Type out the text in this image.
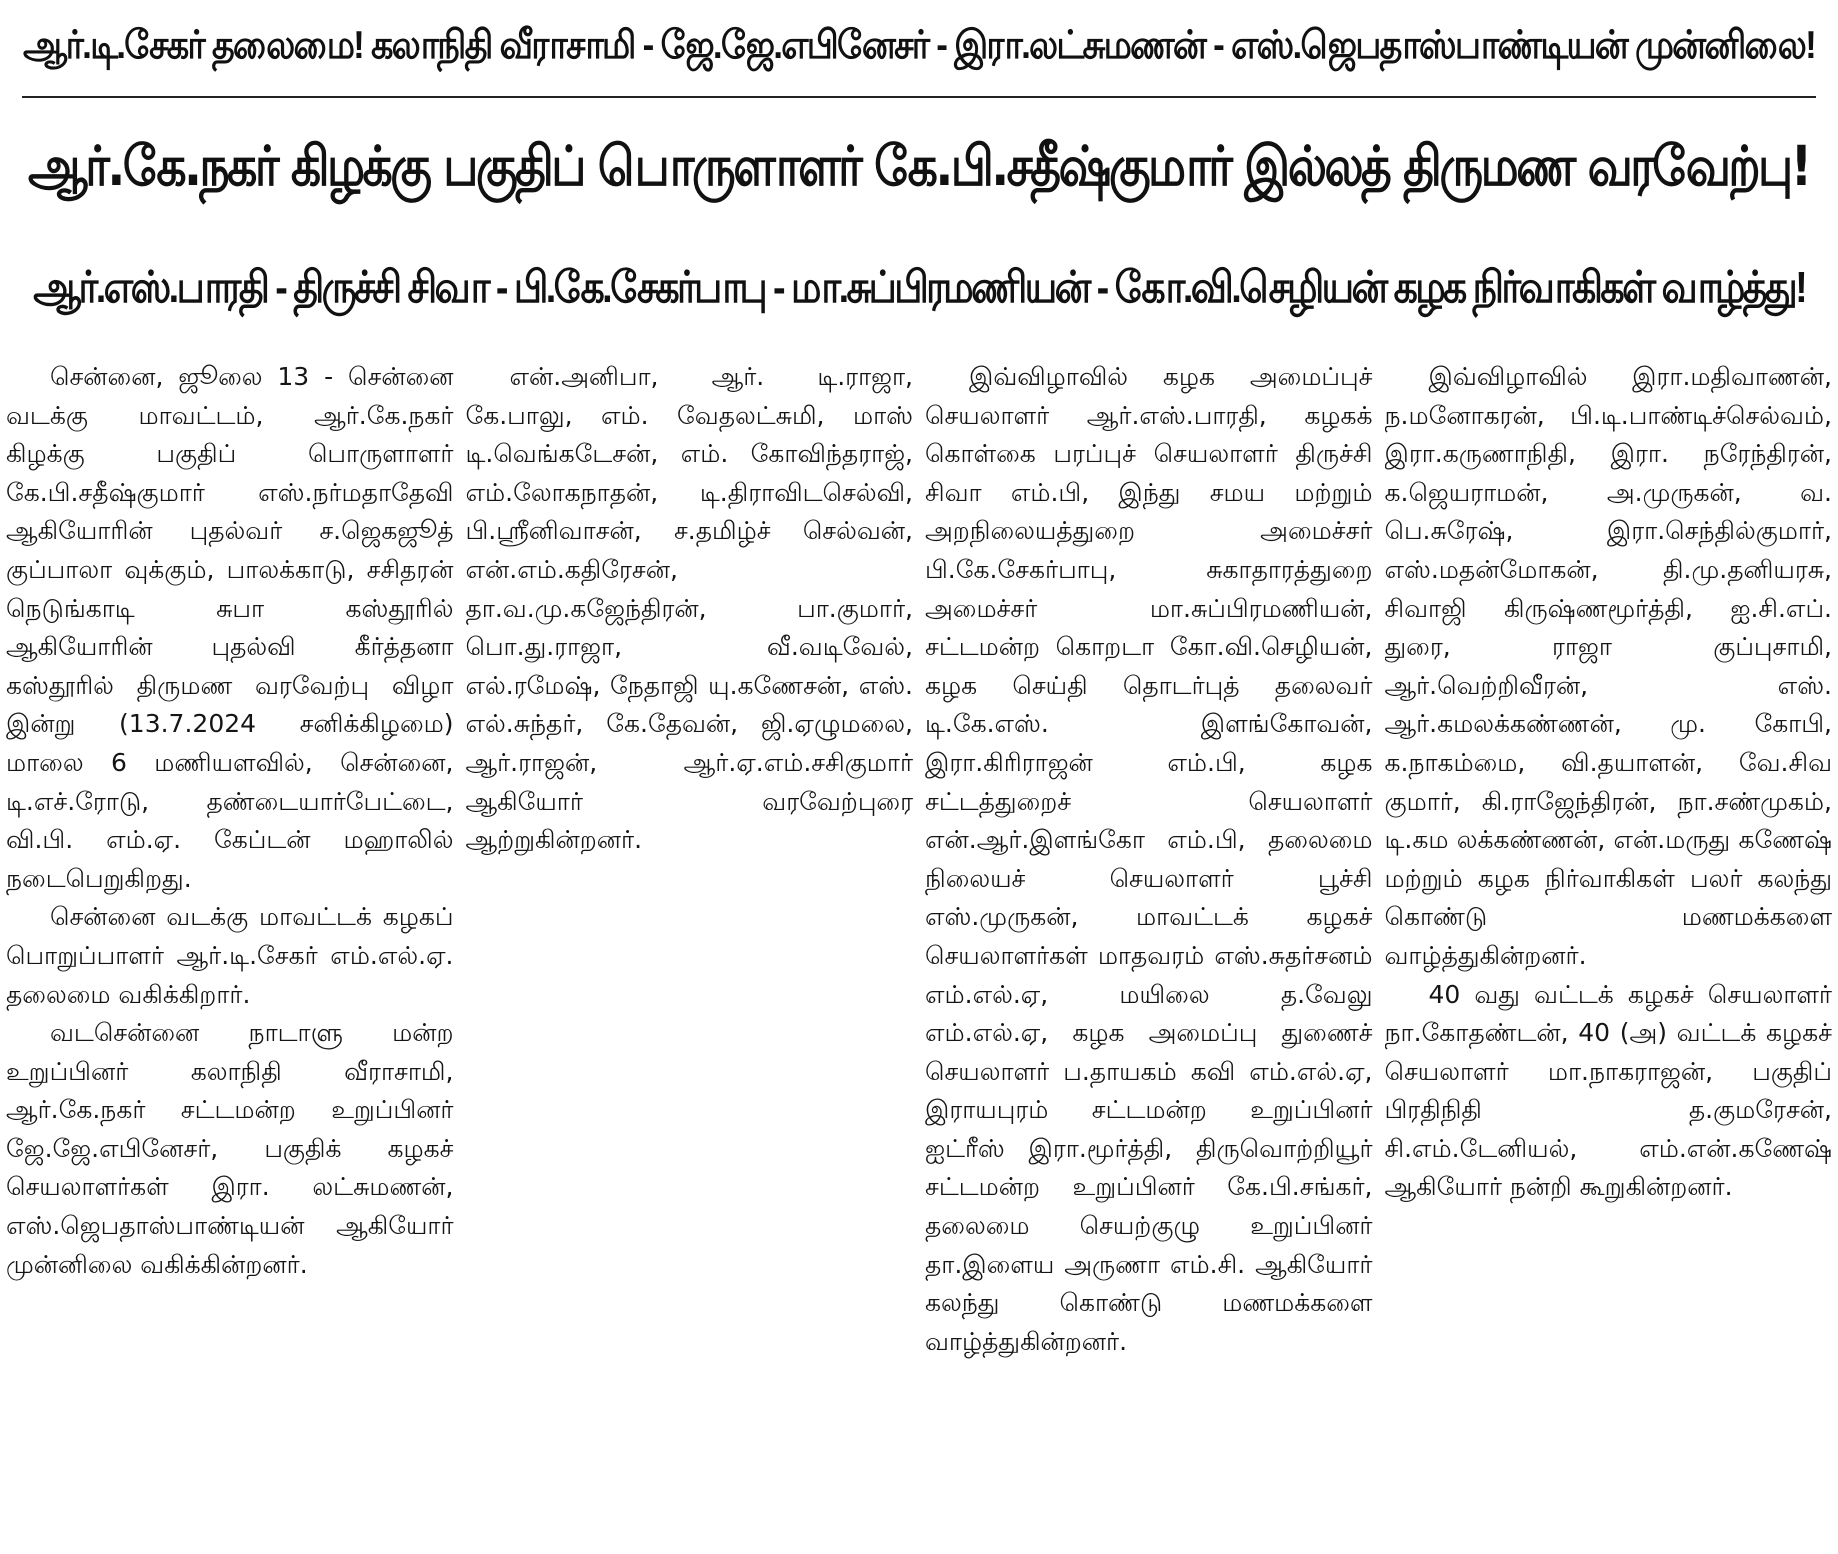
ஆர்.டி.சேகர் தலைமை! கலாநிதி வீராசாமி - ஜே.ஜே.எபினேசர் - இரா.லட்சுமணன் - எஸ்.ஜெபதாஸ்பாண்டியன் முன்னிலை!
ஆர்.கே.நகர் கிழக்கு பகுதிப் பொருளாளர் கே.பி.சதீஷ்குமார் இல்லத் திருமண வரவேற்பு!
ஆர்.எஸ்.பாரதி - திருச்சி சிவா - பி.கே.சேகர்பாபு - மா.சுப்பிரமணியன் - கோ.வி.செழியன் கழக நிர்வாகிகள் வாழ்த்து!

சென்னை, ஜூலை 13 - சென்னை வடக்கு மாவட்டம், ஆர்.கே.நகர் கிழக்கு பகுதிப் பொருளாளர் கே.பி.சதீஷ்குமார் எஸ்.நர்மதாதேவி ஆகியோரின் புதல்வர் ச.ஜெகஜூத் குப்பாலா வுக்கும், பாலக்காடு, சசிதரன் நெடுங்காடி சுபா கஸ்தூரில் ஆகியோரின் புதல்வி கீர்த்தனா கஸ்தூரில் திருமண வரவேற்பு விழா இன்று (13.7.2024 சனிக்கிழமை) மாலை 6 மணியளவில், சென்னை, டி.எச்.ரோடு, தண்டையார்பேட்டை, வி.பி. எம்.ஏ. கேப்டன் மஹாலில் நடைபெறுகிறது.

சென்னை வடக்கு மாவட்டக் கழகப் பொறுப்பாளர் ஆர்.டி.சேகர் எம்.எல்.ஏ. தலைமை வகிக்கிறார்.

வடசென்னை நாடாளு மன்ற உறுப்பினர் கலாநிதி வீராசாமி, ஆர்.கே.நகர் சட்டமன்ற உறுப்பினர் ஜே.ஜே.எபினேசர், பகுதிக் கழகச் செயலாளர்கள் இரா. லட்சுமணன், எஸ்.ஜெபதாஸ்பாண்டியன் ஆகியோர் முன்னிலை வகிக்கின்றனர்.

என்.அனிபா, ஆர். டி.ராஜா, கே.பாலு, எம். வேதலட்சுமி, மாஸ் டி.வெங்கடேசன், எம். கோவிந்தராஜ், எம்.லோகநாதன், டி.திராவிடசெல்வி, பி.ஸ்ரீனிவாசன், ச.தமிழ்ச் செல்வன், என்.எம்.கதிரேசன், தா.வ.மு.கஜேந்திரன், பா.குமார், பொ.து.ராஜா, வீ.வடிவேல், எல்.ரமேஷ், நேதாஜி யு.கணேசன், எஸ். எல்.சுந்தர், கே.தேவன், ஜி.ஏழுமலை, ஆர்.ராஜன், ஆர்.ஏ.எம்.சசிகுமார் ஆகியோர் வரவேற்புரை ஆற்றுகின்றனர்.

இவ்விழாவில் கழக அமைப்புச் செயலாளர் ஆர்.எஸ்.பாரதி, கழகக் கொள்கை பரப்புச் செயலாளர் திருச்சி சிவா எம்.பி, இந்து சமய மற்றும் அறநிலையத்துறை அமைச்சர் பி.கே.சேகர்பாபு, சுகாதாரத்துறை அமைச்சர் மா.சுப்பிரமணியன், சட்டமன்ற கொறடா கோ.வி.செழியன், கழக செய்தி தொடர்புத் தலைவர் டி.கே.எஸ். இளங்கோவன், இரா.கிரிராஜன் எம்.பி, கழக சட்டத்துறைச் செயலாளர் என்.ஆர்.இளங்கோ எம்.பி, தலைமை நிலையச் செயலாளர் பூச்சி எஸ்.முருகன், மாவட்டக் கழகச் செயலாளர்கள் மாதவரம் எஸ்.சுதர்சனம் எம்.எல்.ஏ, மயிலை த.வேலு எம்.எல்.ஏ, கழக அமைப்பு துணைச் செயலாளர் ப.தாயகம் கவி எம்.எல்.ஏ, இராயபுரம் சட்டமன்ற உறுப்பினர் ஐட்ரீஸ் இரா.மூர்த்தி, திருவொற்றியூர் சட்டமன்ற உறுப்பினர் கே.பி.சங்கர், தலைமை செயற்குழு உறுப்பினர் தா.இளைய அருணா எம்.சி. ஆகியோர் கலந்து கொண்டு மணமக்களை வாழ்த்துகின்றனர்.

இவ்விழாவில் இரா.மதிவாணன், ந.மனோகரன், பி.டி.பாண்டிச்செல்வம், இரா.கருணாநிதி, இரா. நரேந்திரன், க.ஜெயராமன், அ.முருகன், வ. பெ.சுரேஷ், இரா.செந்தில்குமார், எஸ்.மதன்மோகன், தி.மு.தனியரசு, சிவாஜி கிருஷ்ணமூர்த்தி, ஐ.சி.எப். துரை, ராஜா குப்புசாமி, ஆர்.வெற்றிவீரன், எஸ். ஆர்.கமலக்கண்ணன், மு. கோபி, க.நாகம்மை, வி.தயாளன், வே.சிவ குமார், கி.ராஜேந்திரன், நா.சண்முகம், டி.கம லக்கண்ணன், என்.மருது கணேஷ் மற்றும் கழக நிர்வாகிகள் பலர் கலந்து கொண்டு மணமக்களை வாழ்த்துகின்றனர்.

40 வது வட்டக் கழகச் செயலாளர் நா.கோதண்டன், 40 (அ) வட்டக் கழகச் செயலாளர் மா.நாகராஜன், பகுதிப் பிரதிநிதி த.குமரேசன், சி.எம்.டேனியல், எம்.என்.கணேஷ் ஆகியோர் நன்றி கூறுகின்றனர்.
